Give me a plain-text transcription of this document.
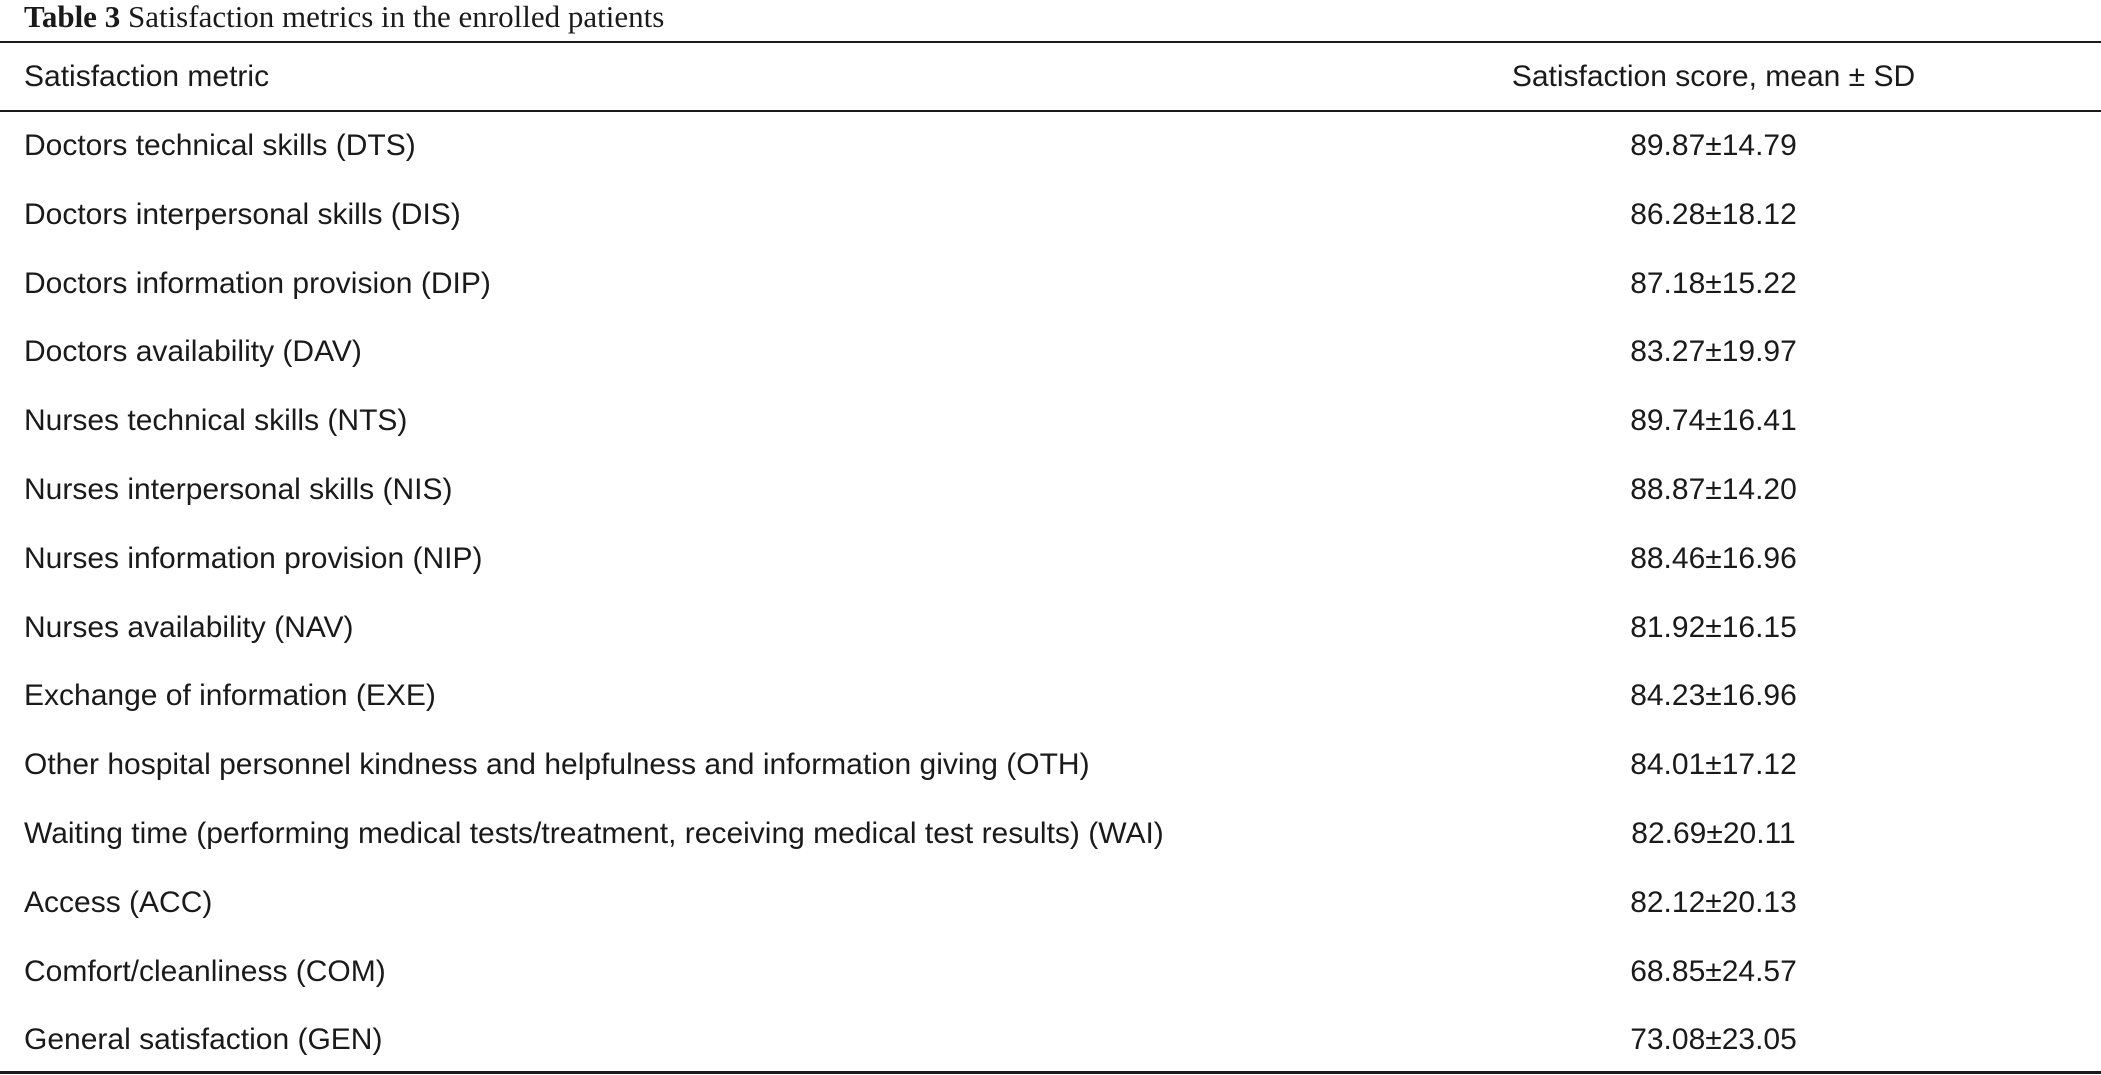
Table 3 Satisfaction metrics in the enrolled patients
Satisfaction metric	Satisfaction score, mean ± SD
Doctors technical skills (DTS)	89.87±14.79
Doctors interpersonal skills (DIS)	86.28±18.12
Doctors information provision (DIP)	87.18±15.22
Doctors availability (DAV)	83.27±19.97
Nurses technical skills (NTS)	89.74±16.41
Nurses interpersonal skills (NIS)	88.87±14.20
Nurses information provision (NIP)	88.46±16.96
Nurses availability (NAV)	81.92±16.15
Exchange of information (EXE)	84.23±16.96
Other hospital personnel kindness and helpfulness and information giving (OTH)	84.01±17.12
Waiting time (performing medical tests/treatment, receiving medical test results) (WAI)	82.69±20.11
Access (ACC)	82.12±20.13
Comfort/cleanliness (COM)	68.85±24.57
General satisfaction (GEN)	73.08±23.05
